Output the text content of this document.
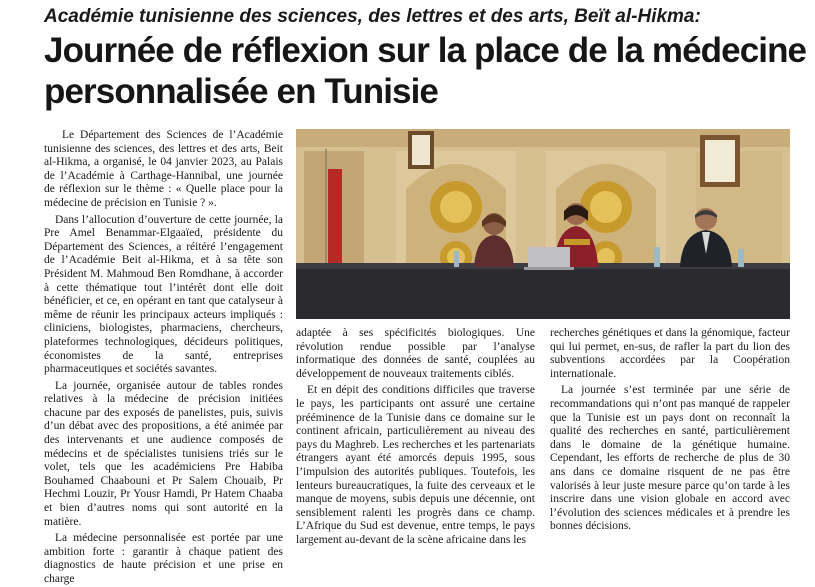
Académie tunisienne des sciences, des lettres et des arts, Beït al-Hikma:
Journée de réflexion sur la place de la médecine
personnalisée en Tunisie

Le Département des Sciences de l’Académie tunisienne des sciences, des lettres et des arts, Beit al-Hikma, a organisé, le 04 janvier 2023, au Palais de l’Académie à Carthage-Hannibal, une journée de réflexion sur le thème : « Quelle place pour la médecine de précision en Tunisie ? ».

Dans l’allocution d’ouverture de cette journée, la Pre Amel Benammar-Elgaaïed, présidente du Département des Sciences, a réitéré l’engagement de l’Académie Beit al-Hikma, et à sa tête son Président M. Mahmoud Ben Romdhane, à accorder à cette thématique tout l’intérêt dont elle doit bénéficier, et ce, en opérant en tant que catalyseur à même de réunir les principaux acteurs impliqués : cliniciens, biologistes, pharmaciens, chercheurs, plateformes technologiques, décideurs politiques, économistes de la santé, entreprises pharmaceutiques et sociétés savantes.

La journée, organisée autour de tables rondes relatives à la médecine de précision initiées chacune par des exposés de panelistes, puis, suivis d’un débat avec des propositions, a été animée par des intervenants et une audience composés de médecins et de spécialistes tunisiens triés sur le volet, tels que les académiciens Pre Habiba Bouhamed Chaabouni et Pr Salem Chouaib, Pr Hechmi Louzir, Pr Yousr Hamdi, Pr Hatem Chaaba et bien d’autres noms qui sont autorité en la matière.

La médecine personnalisée est portée par une ambition forte : garantir à chaque patient des diagnostics de haute précision et une prise en charge

adaptée à ses spécificités biologiques. Une révolution rendue possible par l’analyse informatique des données de santé, couplées au développement de nouveaux traitements ciblés.

Et en dépit des conditions difficiles que traverse le pays, les participants ont assuré une certaine prééminence de la Tunisie dans ce domaine sur le continent africain, particulièrement au niveau des pays du Maghreb. Les recherches et les partenariats étrangers ayant été amorcés depuis 1995, sous l’impulsion des autorités publiques. Toutefois, les lenteurs bureaucratiques, la fuite des cerveaux et le manque de moyens, subis depuis une décennie, ont sensiblement ralenti les progrès dans ce champ. L’Afrique du Sud est devenue, entre temps, le pays largement au-devant de la scène africaine dans les

recherches génétiques et dans la génomique, facteur qui lui permet, en-sus, de rafler la part du lion des subventions accordées par la Coopération internationale.

La journée s’est terminée par une série de recommandations qui n’ont pas manqué de rappeler que la Tunisie est un pays dont on reconnaît la qualité des recherches en santé, particulièrement dans le domaine de la génétique humaine. Cependant, les efforts de recherche de plus de 30 ans dans ce domaine risquent de ne pas être valorisés à leur juste mesure parce qu’on tarde à les inscrire dans une vision globale en accord avec l’évolution des sciences médicales et à prendre les bonnes décisions.
